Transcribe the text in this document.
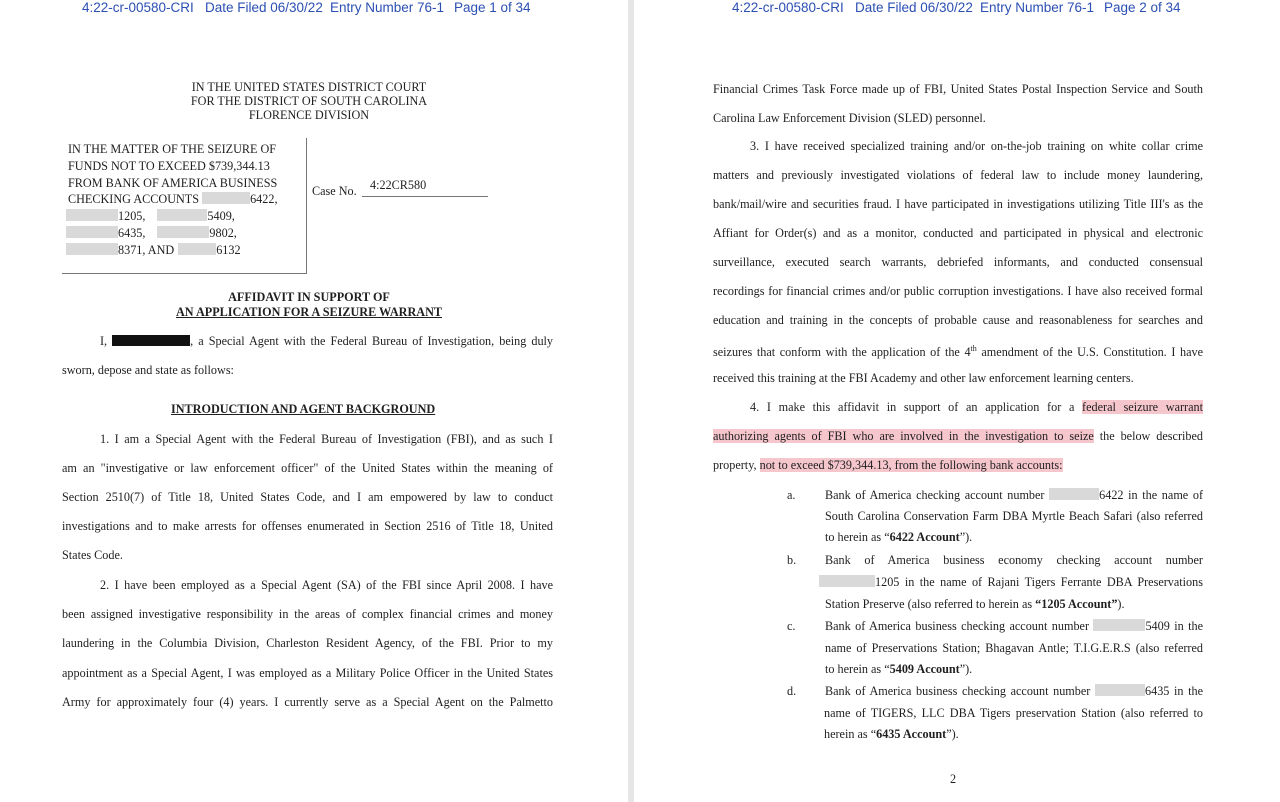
4:22-cr-00580-CRI Date Filed 06/30/22 Entry Number 76-1 Page 1 of 34
IN THE UNITED STATES DISTRICT COURT
FOR THE DISTRICT OF SOUTH CAROLINA
FLORENCE DIVISION
IN THE MATTER OF THE SEIZURE OF
FUNDS NOT TO EXCEED $739,344.13
FROM BANK OF AMERICA BUSINESS
CHECKING ACCOUNTS	6422,
1205,	5409,
6435,	9802,
8371, AND	6132
Case No. 4:22CR580
AFFIDAVIT IN SUPPORT OF
AN APPLICATION FOR A SEIZURE WARRANT
I,	, a Special Agent with the Federal Bureau of Investigation, being duly
sworn, depose and state as follows:
INTRODUCTION AND AGENT BACKGROUND
1. I am a Special Agent with the Federal Bureau of Investigation (FBI), and as such I
am an "investigative or law enforcement officer" of the United States within the meaning of
Section 2510(7) of Title 18, United States Code, and I am empowered by law to conduct
investigations and to make arrests for offenses enumerated in Section 2516 of Title 18, United
States Code.
2. I have been employed as a Special Agent (SA) of the FBI since April 2008. I have
been assigned investigative responsibility in the areas of complex financial crimes and money
laundering in the Columbia Division, Charleston Resident Agency, of the FBI. Prior to my
appointment as a Special Agent, I was employed as a Military Police Officer in the United States
Army for approximately four (4) years. I currently serve as a Special Agent on the Palmetto
4:22-cr-00580-CRI Date Filed 06/30/22 Entry Number 76-1 Page 2 of 34
Financial Crimes Task Force made up of FBI, United States Postal Inspection Service and South
Carolina Law Enforcement Division (SLED) personnel.
3. I have received specialized training and/or on-the-job training on white collar crime
matters and previously investigated violations of federal law to include money laundering,
bank/mail/wire and securities fraud. I have participated in investigations utilizing Title III's as the
Affiant for Order(s) and as a monitor, conducted and participated in physical and electronic
surveillance, executed search warrants, debriefed informants, and conducted consensual
recordings for financial crimes and/or public corruption investigations. I have also received formal
education and training in the concepts of probable cause and reasonableness for searches and
seizures that conform with the application of the 4th amendment of the U.S. Constitution. I have
received this training at the FBI Academy and other law enforcement learning centers.
4. I make this affidavit in support of an application for a federal seizure warrant
authorizing agents of FBI who are involved in the investigation to seize the below described
property, not to exceed $739,344.13, from the following bank accounts:
a. Bank of America checking account number	6422 in the name of
South Carolina Conservation Farm DBA Myrtle Beach Safari (also referred
to herein as “6422 Account”).
b. Bank of America business economy checking account number
1205 in the name of Rajani Tigers Ferrante DBA Preservations
Station Preserve (also referred to herein as “1205 Account”).
c. Bank of America business checking account number	5409 in the
name of Preservations Station; Bhagavan Antle; T.I.G.E.R.S (also referred
to herein as “5409 Account”).
d. Bank of America business checking account number	6435 in the
name of TIGERS, LLC DBA Tigers preservation Station (also referred to
herein as “6435 Account”).
2
